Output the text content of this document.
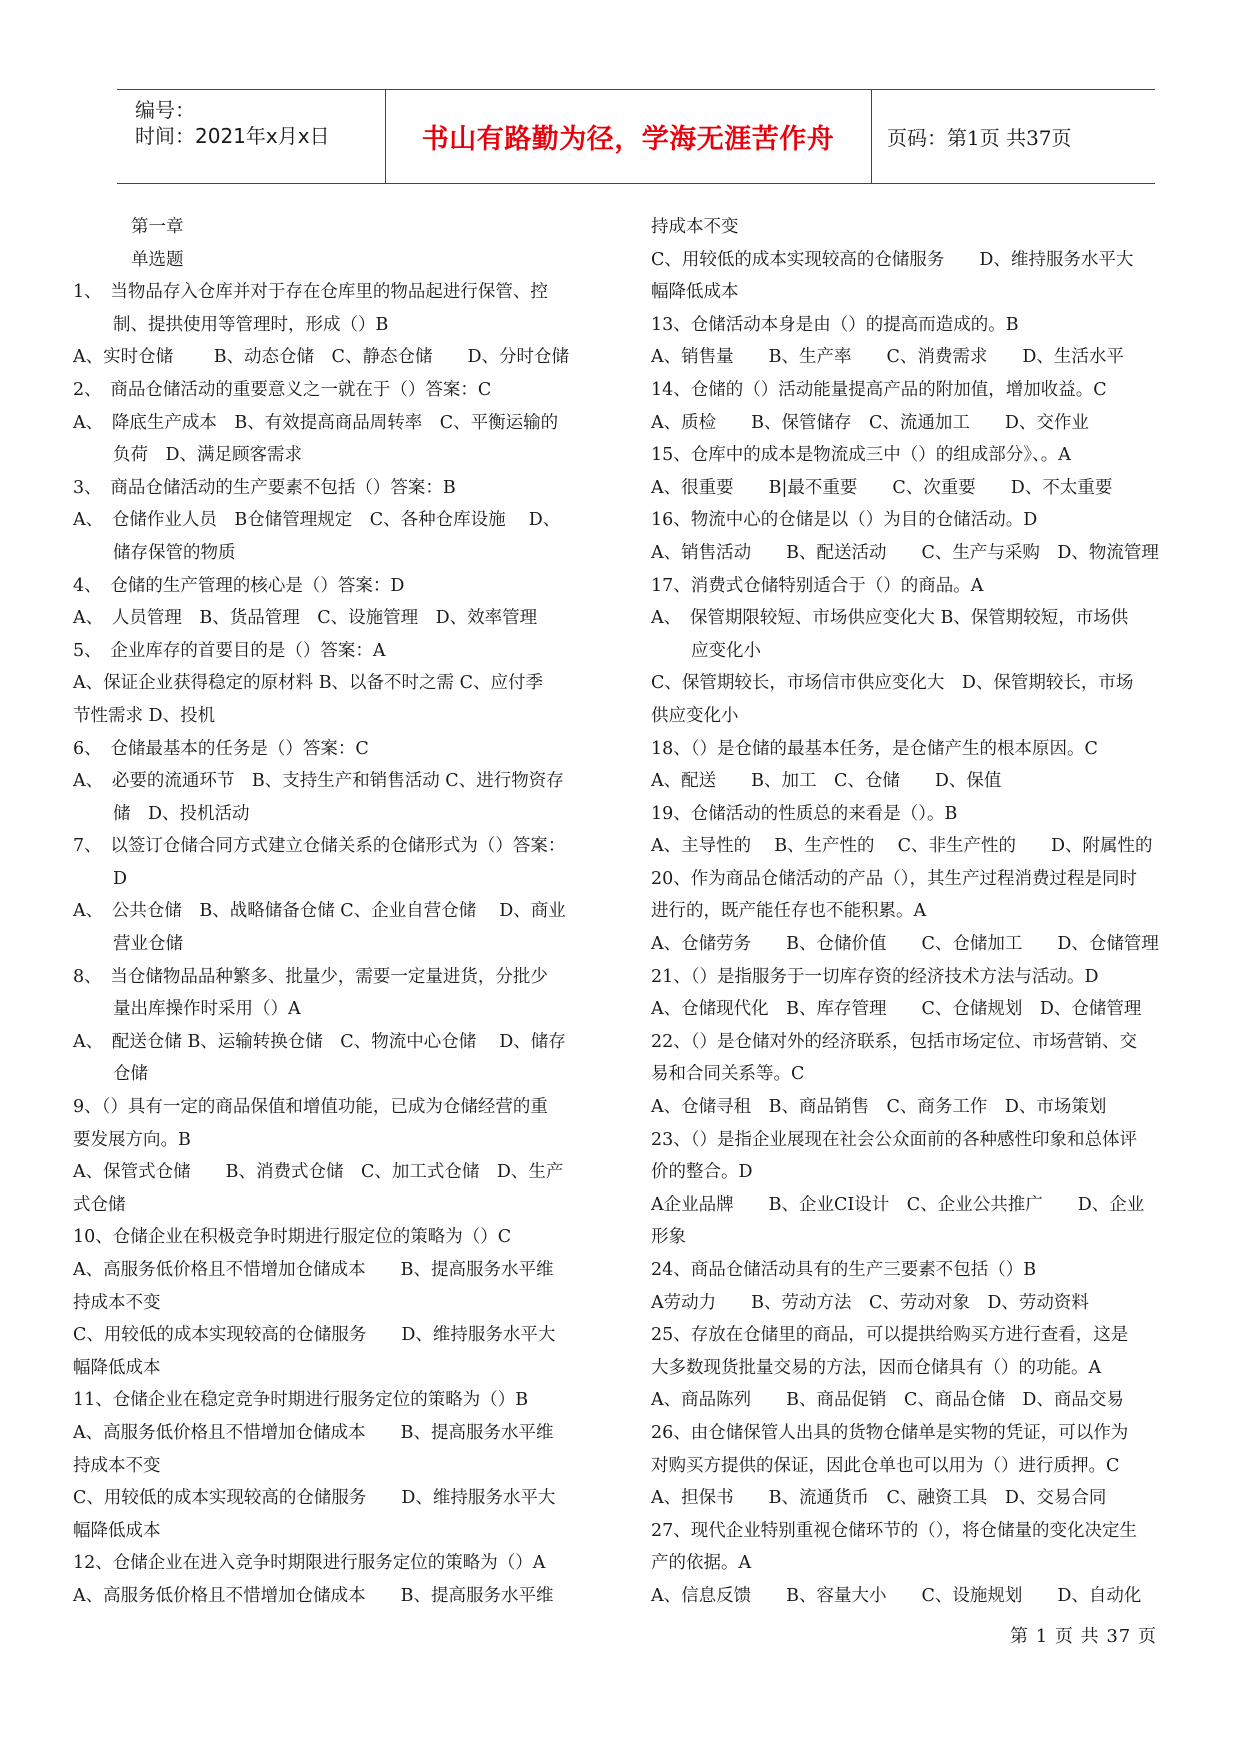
编号：
时间：2021年x月x日	书山有路勤为径，学海无涯苦作舟	页码：第1页 共37页
第一章
单选题
1、　当物品存入仓库并对于存在仓库里的物品起进行保管、控
制、提拱使用等管理时，形成（）B
A、实时仓储　　 B、动态仓储　C、静态仓储　　D、分时仓储
2、　商品仓储活动的重要意义之一就在于（）答案：C
A、　降底生产成本　B、有效提高商品周转率　C、平衡运输的
负荷　D、满足顾客需求
3、　商品仓储活动的生产要素不包括（）答案：B
A、　仓储作业人员　B仓储管理规定　C、各种仓库设施　 D、
储存保管的物质
4、　仓储的生产管理的核心是（）答案：D
A、　人员管理　B、货品管理　C、设施管理　D、效率管理
5、　企业库存的首要目的是（）答案：A
A、保证企业获得稳定的原材料 B、以备不时之需 C、应付季
节性需求 D、投机
6、　仓储最基本的任务是（）答案：C
A、　必要的流通环节　B、支持生产和销售活动 C、进行物资存
储　D、投机活动
7、　以签订仓储合同方式建立仓储关系的仓储形式为（）答案：
D
A、　公共仓储　B、战略储备仓储 C、企业自营仓储　 D、商业
营业仓储
8、　当仓储物品品种繁多、批量少，需要一定量进货，分批少
量出库操作时采用（）A
A、　配送仓储 B、运输转换仓储　C、物流中心仓储　 D、储存
仓储
9、（）具有一定的商品保值和增值功能，已成为仓储经营的重
要发展方向。B
A、保管式仓储　　B、消费式仓储　C、加工式仓储　D、生产
式仓储
10、仓储企业在积极竞争时期进行服定位的策略为（）C
A、高服务低价格且不惜增加仓储成本　　B、提高服务水平维
持成本不变
C、用较低的成本实现较高的仓储服务　　D、维持服务水平大
幅降低成本
11、仓储企业在稳定竞争时期进行服务定位的策略为（）B
A、高服务低价格且不惜增加仓储成本　　B、提高服务水平维
持成本不变
C、用较低的成本实现较高的仓储服务　　D、维持服务水平大
幅降低成本
12、仓储企业在进入竞争时期限进行服务定位的策略为（）A
A、高服务低价格且不惜增加仓储成本　　B、提高服务水平维
持成本不变
C、用较低的成本实现较高的仓储服务　　D、维持服务水平大
幅降低成本
13、仓储活动本身是由（）的提高而造成的。B
A、销售量　　B、生产率　　C、消费需求　　D、生活水平
14、仓储的（）活动能量提高产品的附加值，增加收益。C
A、质检　　B、保管储存　C、流通加工　　D、交作业
15、仓库中的成本是物流成三中（）的组成部分》、。A
A、很重要　　B|最不重要　　C、次重要　　D、不太重要
16、物流中心的仓储是以（）为目的仓储活动。D
A、销售活动　　B、配送活动　　C、生产与采购　D、物流管理
17、消费式仓储特别适合于（）的商品。A
A、　保管期限较短、市场供应变化大 B、保管期较短，市场供
应变化小
C、保管期较长，市场信市供应变化大　D、保管期较长，市场
供应变化小
18、（）是仓储的最基本任务，是仓储产生的根本原因。C
A、配送　　B、加工　C、仓储　　D、保值
19、仓储活动的性质总的来看是（）。B
A、主导性的　 B、生产性的　 C、非生产性的　　D、附属性的
20、作为商品仓储活动的产品（），其生产过程消费过程是同时
进行的，既产能任存也不能积累。A
A、仓储劳务　　B、仓储价值　　C、仓储加工　　D、仓储管理
21、（）是指服务于一切库存资的经济技术方法与活动。D
A、仓储现代化　B、库存管理　　C、仓储规划　D、仓储管理
22、（）是仓储对外的经济联系，包括市场定位、市场营销、交
易和合同关系等。C
A、仓储寻租　B、商品销售　C、商务工作　D、市场策划
23、（）是指企业展现在社会公众面前的各种感性印象和总体评
价的整合。D
A企业品牌　　B、企业CI设计　C、企业公共推广　　D、企业
形象
24、商品仓储活动具有的生产三要素不包括（）B
A劳动力　　B、劳动方法　C、劳动对象　D、劳动资料
25、存放在仓储里的商品，可以提拱给购买方进行查看，这是
大多数现货批量交易的方法，因而仓储具有（）的功能。A
A、商品陈列　　B、商品促销　C、商品仓储　D、商品交易
26、由仓储保管人出具的货物仓储单是实物的凭证，可以作为
对购买方提供的保证，因此仓单也可以用为（）进行质押。C
A、担保书　　B、流通货币　C、融资工具　D、交易合同
27、现代企业特别重视仓储环节的（），将仓储量的变化决定生
产的依据。A
A、信息反馈　　B、容量大小　　C、设施规划　　D、自动化
第 1 页 共 37 页
